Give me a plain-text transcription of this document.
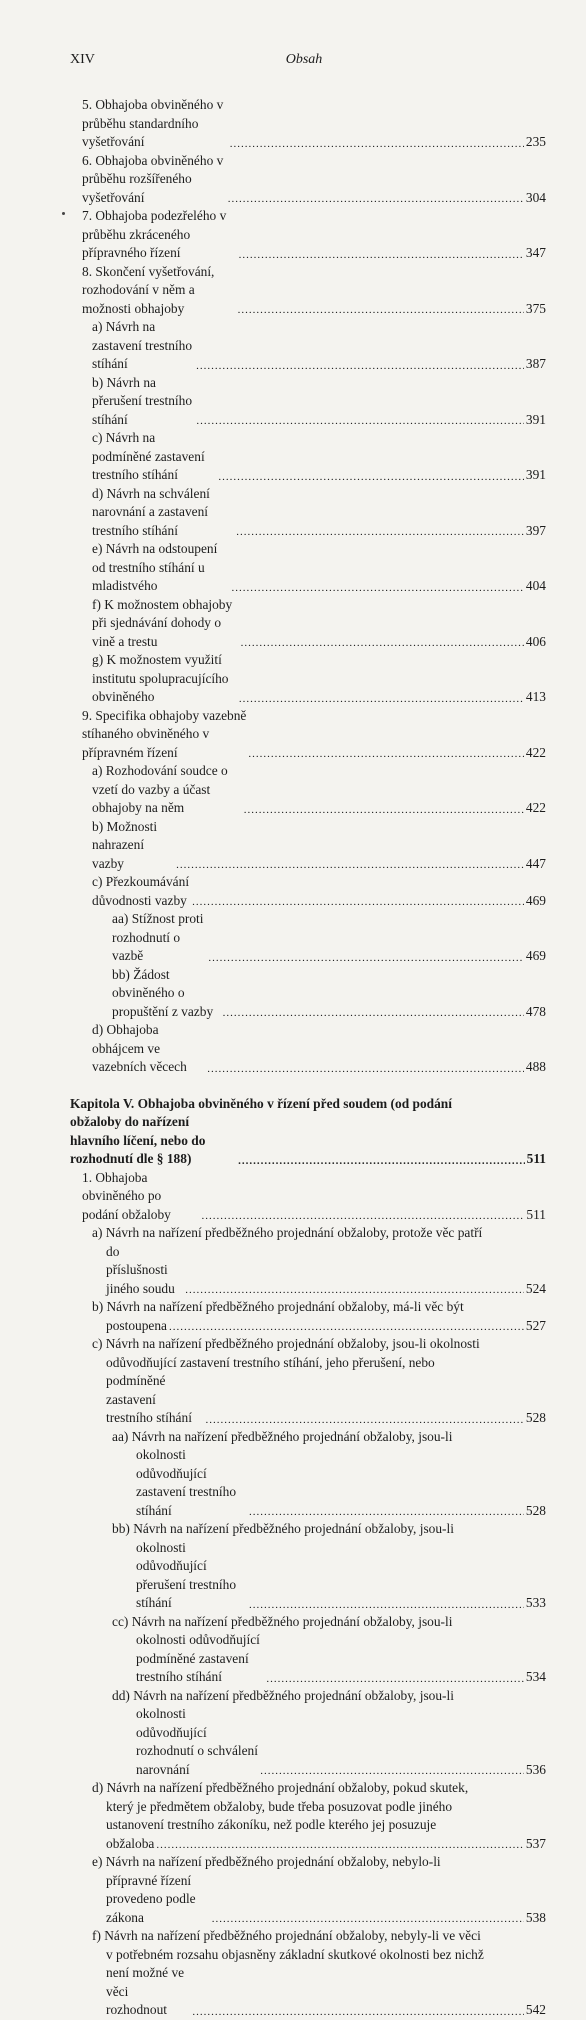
XIV	Obsah
5. Obhajoba obviněného v průběhu standardního vyšetřování .....	235
6. Obhajoba obviněného v průběhu rozšířeného vyšetřování .....	304
7. Obhajoba podezřelého v průběhu zkráceného přípravného řízení .....	347
8. Skončení vyšetřování, rozhodování v něm a možnosti obhajoby .....	375
a) Návrh na zastavení trestního stíhání .....	387
b) Návrh na přerušení trestního stíhání .....	391
c) Návrh na podmíněné zastavení trestního stíhání .....	391
d) Návrh na schválení narovnání a zastavení trestního stíhání .....	397
e) Návrh na odstoupení od trestního stíhání u mladistvého .....	404
f) K možnostem obhajoby při sjednávání dohody o vině a trestu .....	406
g) K možnostem využití institutu spolupracujícího obviněného .....	413
9. Specifika obhajoby vazebně stíhaného obviněného v přípravném řízení .....	422
a) Rozhodování soudce o vzetí do vazby a účast obhajoby na něm .....	422
b) Možnosti nahrazení vazby .....	447
c) Přezkoumávání důvodnosti vazby .....	469
aa) Stížnost proti rozhodnutí o vazbě .....	469
bb) Žádost obviněného o propuštění z vazby .....	478
d) Obhajoba obhájcem ve vazebních věcech .....	488
Kapitola V. Obhajoba obviněného v řízení před soudem (od podání
obžaloby do nařízení hlavního líčení, nebo do rozhodnutí dle § 188) .....	511
1. Obhajoba obviněného po podání obžaloby .....	511
a) Návrh na nařízení předběžného projednání obžaloby, protože věc patří
do příslušnosti jiného soudu .....	524
b) Návrh na nařízení předběžného projednání obžaloby, má-li věc být
postoupena .....	527
c) Návrh na nařízení předběžného projednání obžaloby, jsou-li okolnosti
odůvodňující zastavení trestního stíhání, jeho přerušení, nebo
podmíněné zastavení trestního stíhání .....	528
aa) Návrh na nařízení předběžného projednání obžaloby, jsou-li
okolnosti odůvodňující zastavení trestního stíhání .....	528
bb) Návrh na nařízení předběžného projednání obžaloby, jsou-li
okolnosti odůvodňující přerušení trestního stíhání .....	533
cc) Návrh na nařízení předběžného projednání obžaloby, jsou-li
okolnosti odůvodňující podmíněné zastavení trestního stíhání .....	534
dd) Návrh na nařízení předběžného projednání obžaloby, jsou-li
okolnosti odůvodňující rozhodnutí o schválení narovnání .....	536
d) Návrh na nařízení předběžného projednání obžaloby, pokud skutek,
který je předmětem obžaloby, bude třeba posuzovat podle jiného
ustanovení trestního zákoníku, než podle kterého jej posuzuje
obžaloba .....	537
e) Návrh na nařízení předběžného projednání obžaloby, nebylo-li
přípravné řízení provedeno podle zákona .....	538
f) Návrh na nařízení předběžného projednání obžaloby, nebyly-li ve věci
v potřebném rozsahu objasněny základní skutkové okolnosti bez nichž
není možné ve věci rozhodnout .....	542
